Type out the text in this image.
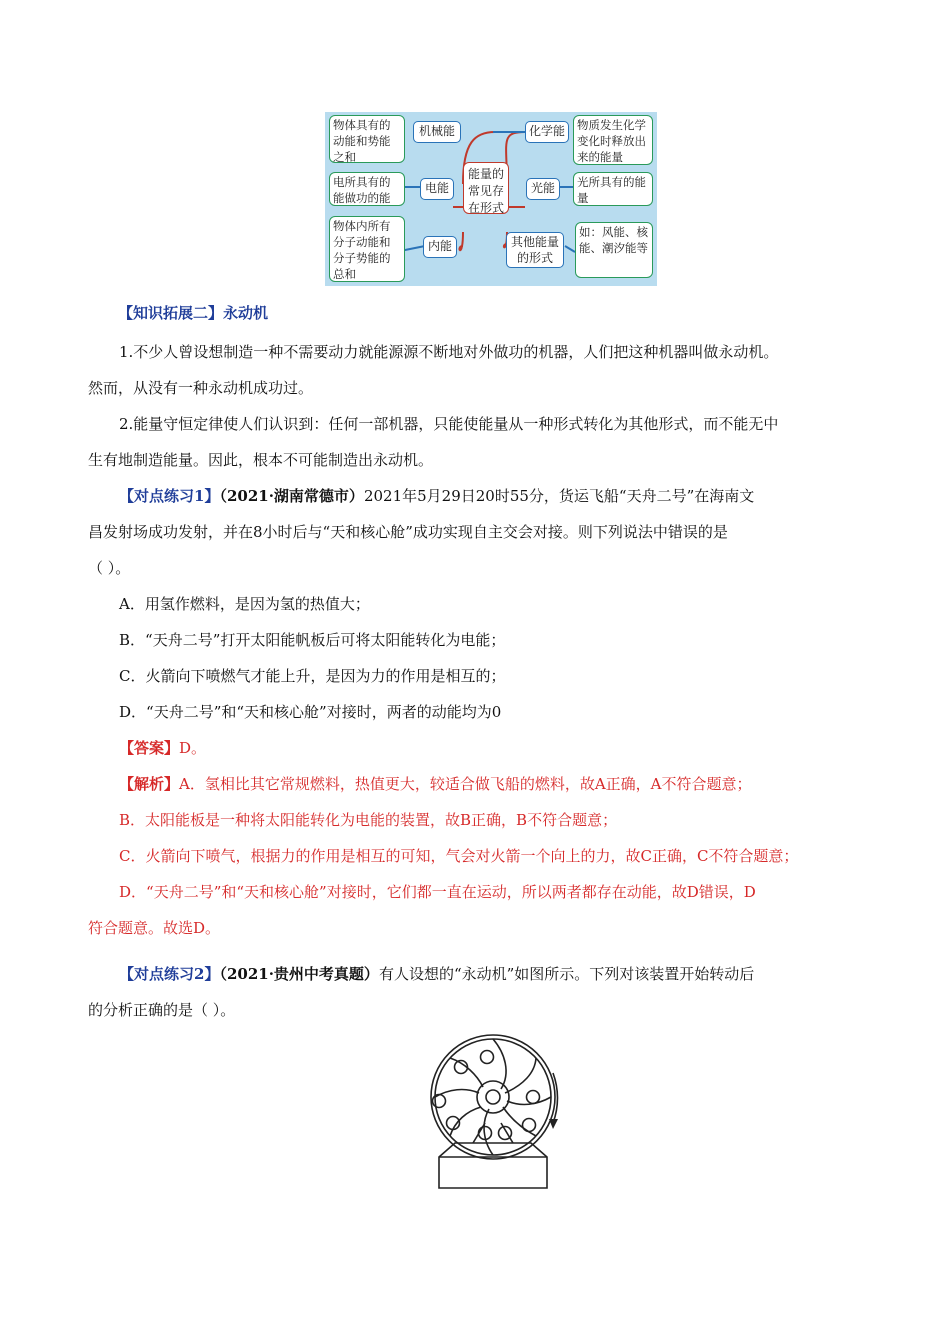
物体具有的动能和势能之和
机械能	化学能	物质发生化学变化时释放出来的能量
电所具有的能做功的能
电能
能量的常见存在形式
光能	光所具有的能量
物体内所有分子动能和分子势能的总和
内能	其他能量的形式
如：风能、核能、潮汐能等
【知识拓展二】永动机
1.不少人曾设想制造一种不需要动力就能源源不断地对外做功的机器，人们把这种机器叫做永动机。
然而，从没有一种永动机成功过。
2.能量守恒定律使人们认识到：任何一部机器，只能使能量从一种形式转化为其他形式，而不能无中
生有地制造能量。因此，根本不可能制造出永动机。
【对点练习1】（2021·湖南常德市）2021年5月29日20时55分，货运飞船“天舟二号”在海南文
昌发射场成功发射，并在8小时后与“天和核心舱”成功实现自主交会对接。则下列说法中错误的是
（ ）。
A．用氢作燃料，是因为氢的热值大；
B．“天舟二号”打开太阳能帆板后可将太阳能转化为电能；
C．火箭向下喷燃气才能上升，是因为力的作用是相互的；
D．“天舟二号”和“天和核心舱”对接时，两者的动能均为0
【答案】D。
【解析】A．氢相比其它常规燃料，热值更大，较适合做飞船的燃料，故A正确，A不符合题意；
B．太阳能板是一种将太阳能转化为电能的装置，故B正确，B不符合题意；
C．火箭向下喷气，根据力的作用是相互的可知，气会对火箭一个向上的力，故C正确，C不符合题意；
D．“天舟二号”和“天和核心舱”对接时，它们都一直在运动，所以两者都存在动能，故D错误，D
符合题意。故选D。
【对点练习2】（2021·贵州中考真题）有人设想的“永动机”如图所示。下列对该装置开始转动后
的分析正确的是（ ）。
